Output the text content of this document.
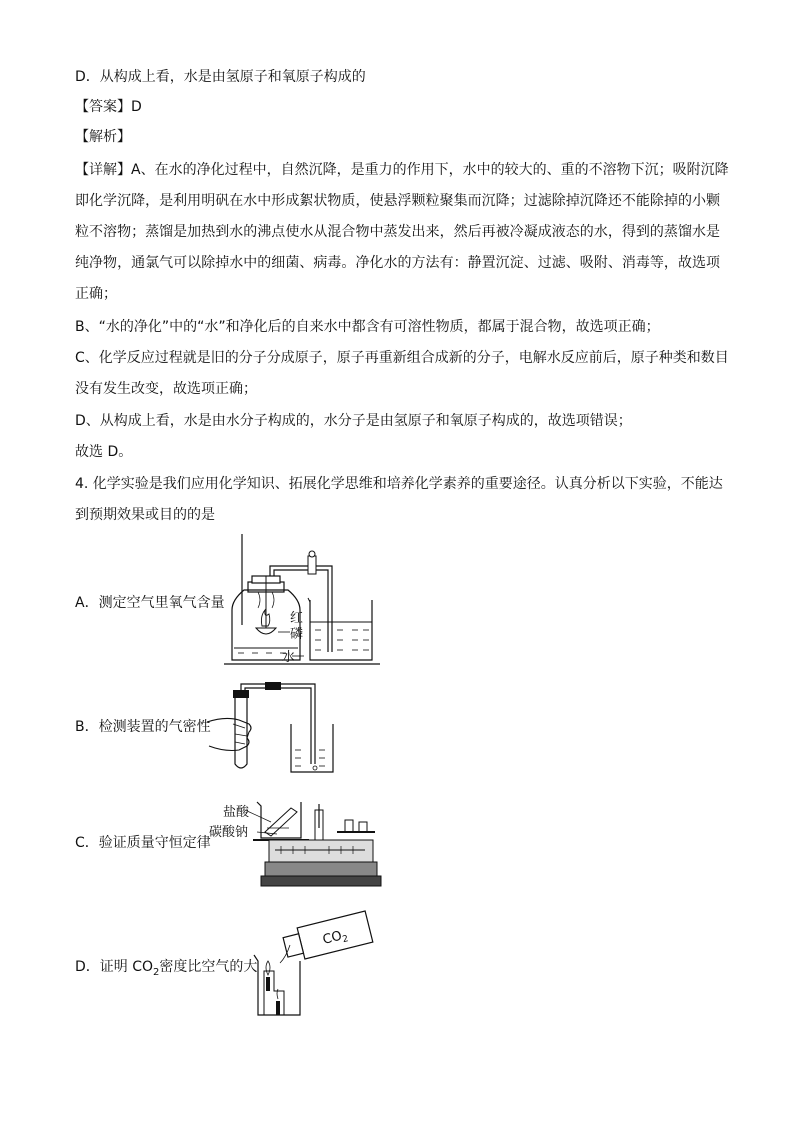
D．从构成上看，水是由氢原子和氧原子构成的
【答案】D
【解析】
【详解】A、在水的净化过程中，自然沉降，是重力的作用下，水中的较大的、重的不溶物下沉；吸附沉降
即化学沉降，是利用明矾在水中形成絮状物质，使悬浮颗粒聚集而沉降；过滤除掉沉降还不能除掉的小颗
粒不溶物；蒸馏是加热到水的沸点使水从混合物中蒸发出来，然后再被冷凝成液态的水，得到的蒸馏水是
纯净物，通氯气可以除掉水中的细菌、病毒。净化水的方法有：静置沉淀、过滤、吸附、消毒等，故选项
正确；
B、“水的净化”中的“水”和净化后的自来水中都含有可溶性物质，都属于混合物，故选项正确；
C、化学反应过程就是旧的分子分成原子，原子再重新组合成新的分子，电解水反应前后，原子种类和数目
没有发生改变，故选项正确；
D、从构成上看，水是由水分子构成的，水分子是由氢原子和氧原子构成的，故选项错误；
故选 D。
4. 化学实验是我们应用化学知识、拓展化学思维和培养化学素养的重要途径。认真分析以下实验，不能达
到预期效果或目的的是
A．测定空气里氧气含量
红
磷
水
B．检测装置的气密性
C．验证质量守恒定律
盐酸
碳酸钠
D．证明 $CO_2$密度比空气的大
$CO_2$
